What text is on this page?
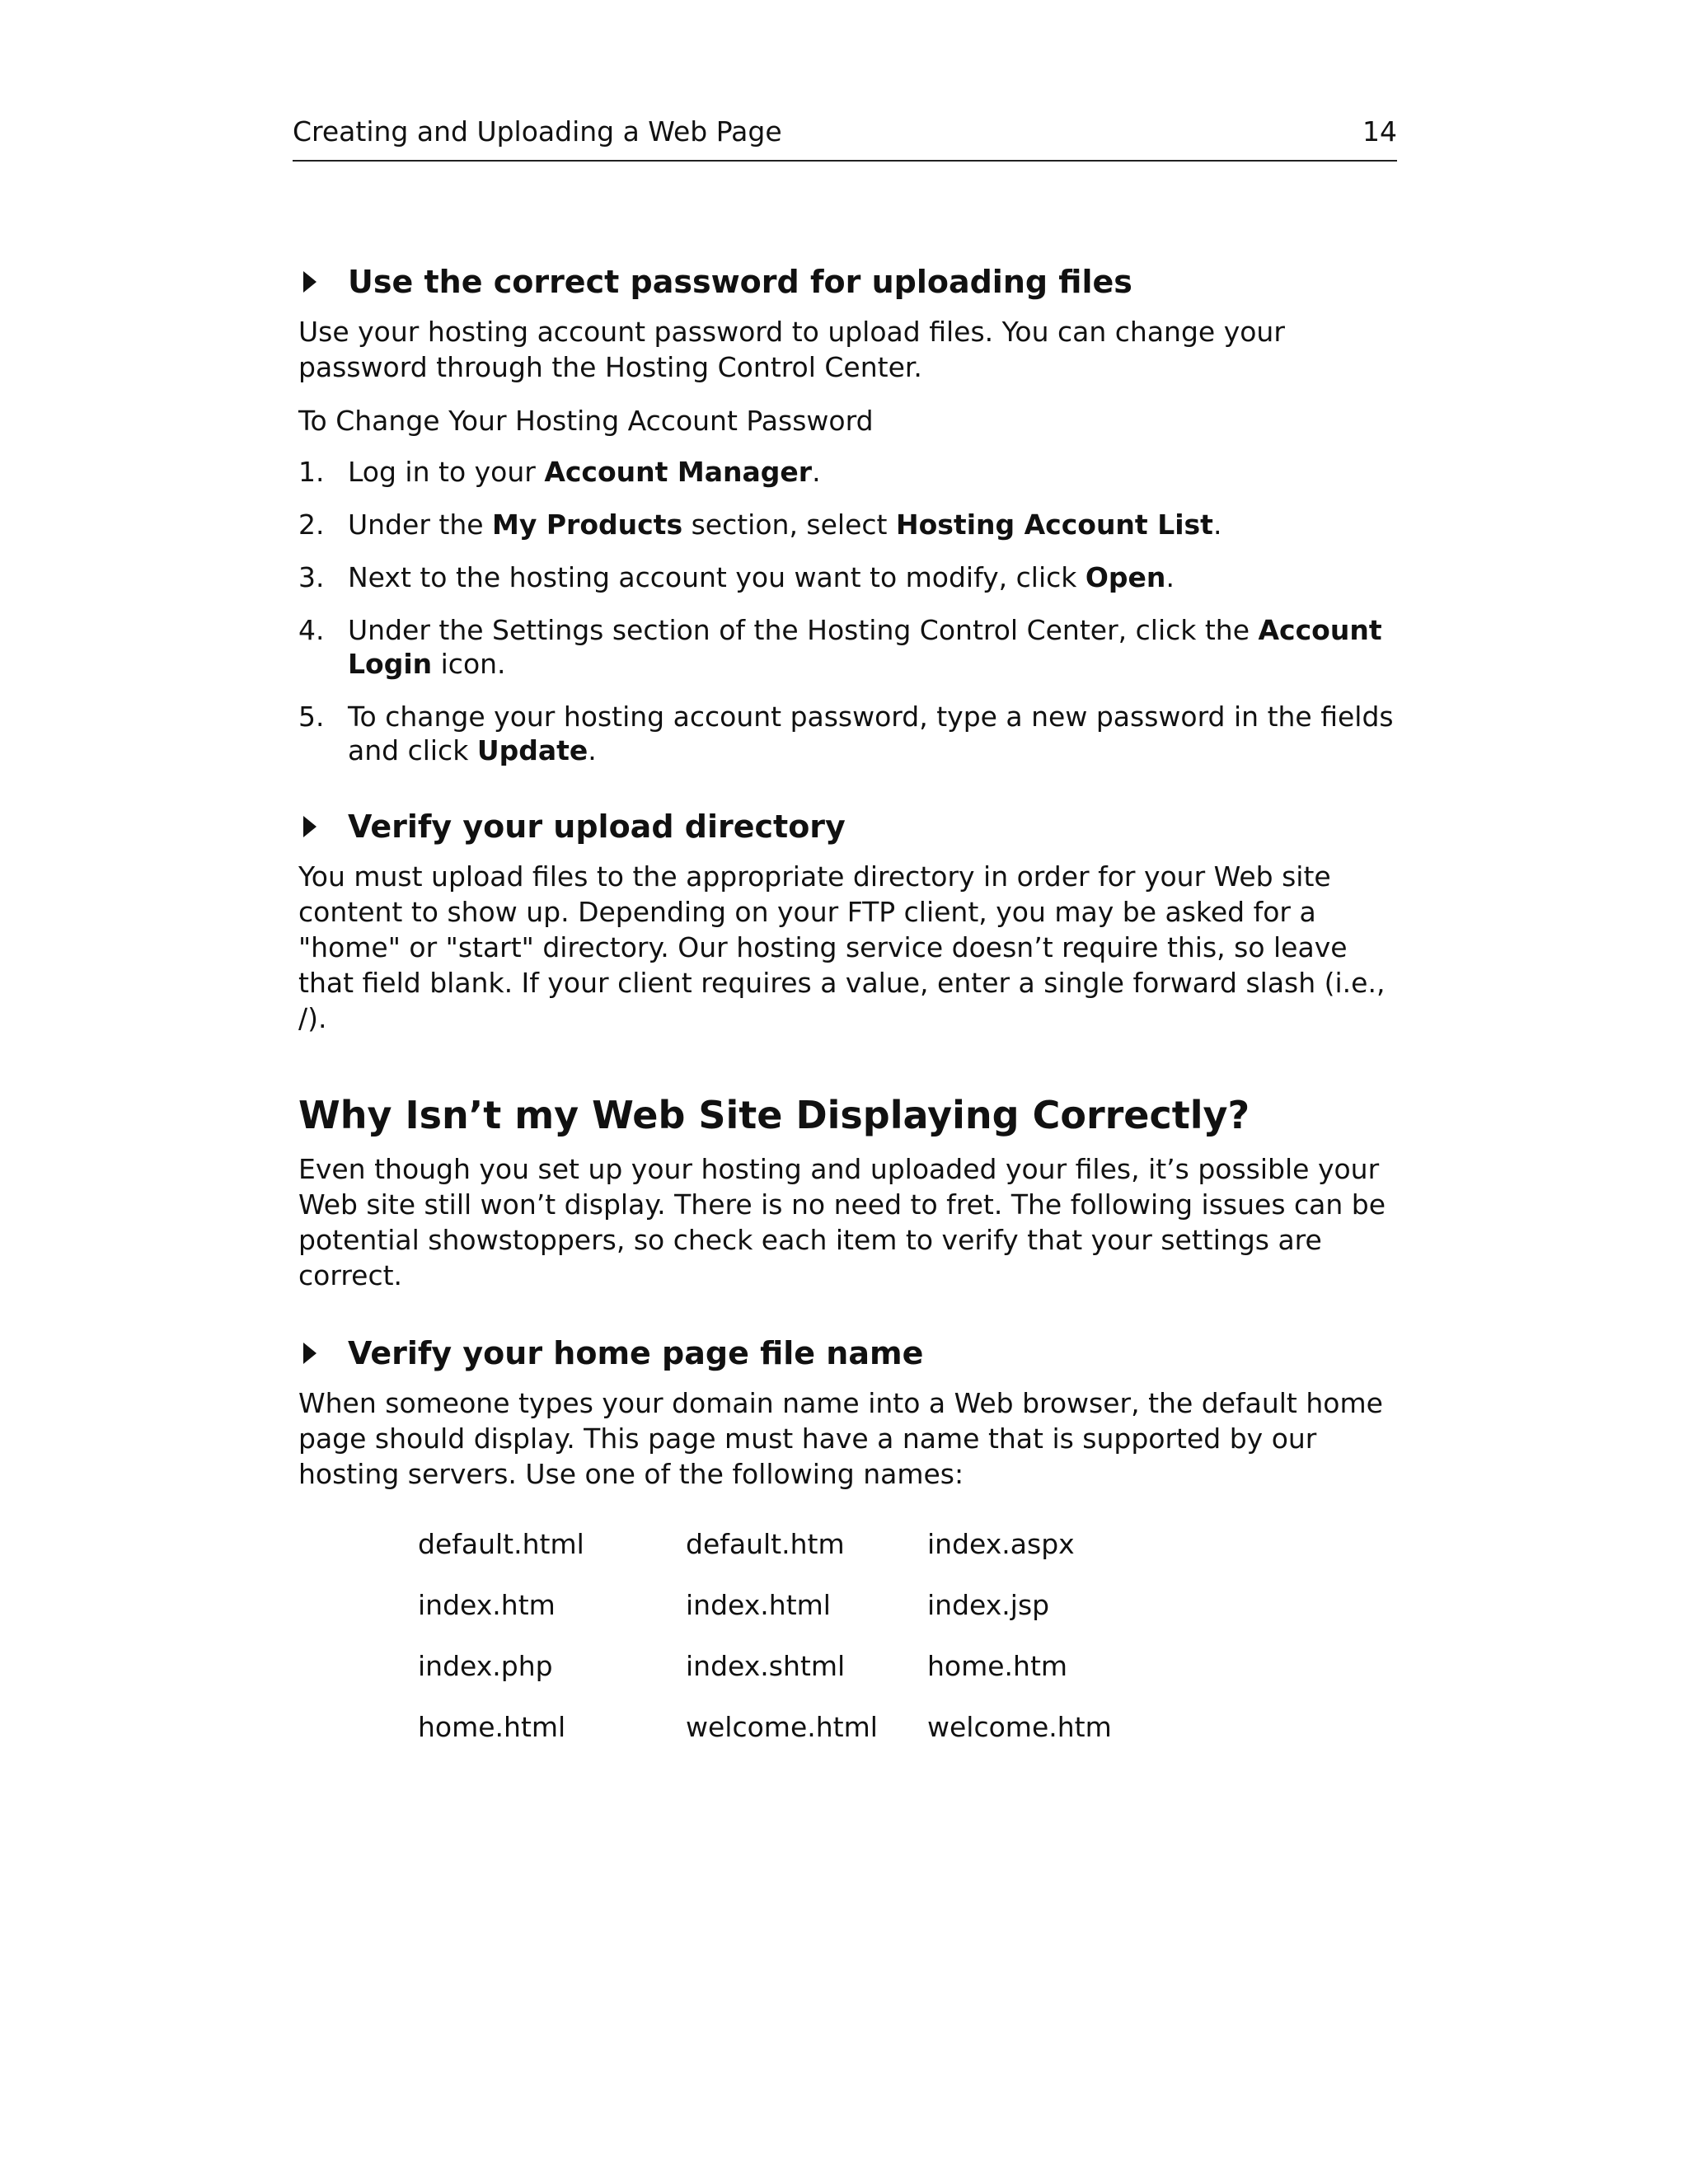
Creating and Uploading a Web Page	14
Use the correct password for uploading files

Use your hosting account password to upload files. You can change your password through the Hosting Control Center.

To Change Your Hosting Account Password

1. Log in to your Account Manager.
2. Under the My Products section, select Hosting Account List.
3. Next to the hosting account you want to modify, click Open.
4. Under the Settings section of the Hosting Control Center, click the Account Login icon.
5. To change your hosting account password, type a new password in the fields and click Update.
Verify your upload directory

You must upload files to the appropriate directory in order for your Web site content to show up. Depending on your FTP client, you may be asked for a "home" or "start" directory. Our hosting service doesn’t require this, so leave that field blank. If your client requires a value, enter a single forward slash (i.e., /).

Why Isn’t my Web Site Displaying Correctly?

Even though you set up your hosting and uploaded your files, it’s possible your Web site still won’t display. There is no need to fret. The following issues can be potential showstoppers, so check each item to verify that your settings are correct.

Verify your home page file name

When someone types your domain name into a Web browser, the default home page should display. This page must have a name that is supported by our hosting servers. Use one of the following names:

default.html	default.htm	index.aspx
index.htm	index.html	index.jsp
index.php	index.shtml	home.htm
home.html	welcome.html	welcome.htm
